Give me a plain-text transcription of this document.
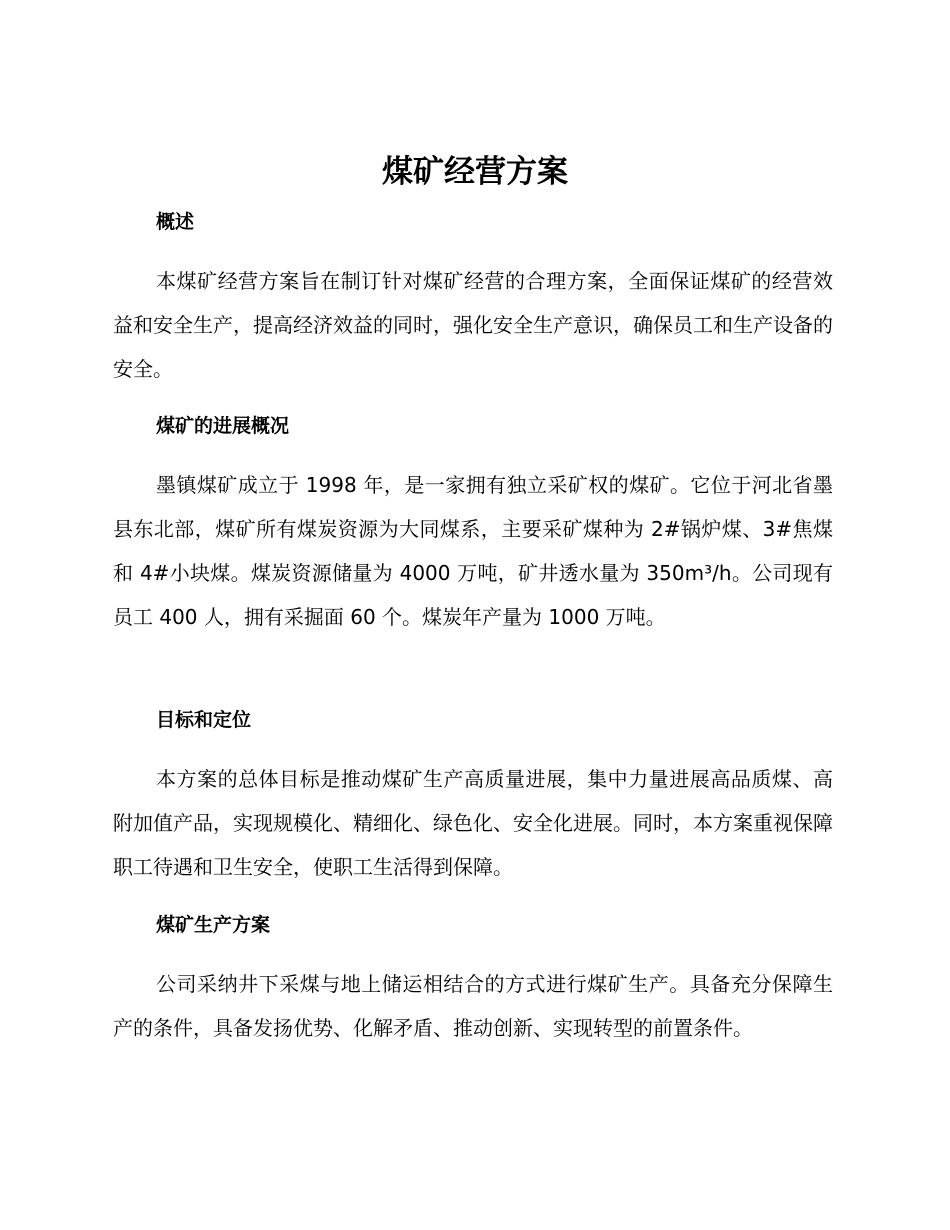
煤矿经营方案
概述

本煤矿经营方案旨在制订针对煤矿经营的合理方案，全面保证煤矿的经营效益和安全生产，提高经济效益的同时，强化安全生产意识，确保员工和生产设备的安全。

煤矿的进展概况

墨镇煤矿成立于 1998 年，是一家拥有独立采矿权的煤矿。它位于河北省墨县东北部，煤矿所有煤炭资源为大同煤系，主要采矿煤种为 2#锅炉煤、3#焦煤和 4#小块煤。煤炭资源储量为 4000 万吨，矿井透水量为 350m³/h。公司现有员工 400 人，拥有采掘面 60 个。煤炭年产量为 1000 万吨。

目标和定位

本方案的总体目标是推动煤矿生产高质量进展，集中力量进展高品质煤、高附加值产品，实现规模化、精细化、绿色化、安全化进展。同时，本方案重视保障职工待遇和卫生安全，使职工生活得到保障。

煤矿生产方案

公司采纳井下采煤与地上储运相结合的方式进行煤矿生产。具备充分保障生产的条件，具备发扬优势、化解矛盾、推动创新、实现转型的前置条件。
